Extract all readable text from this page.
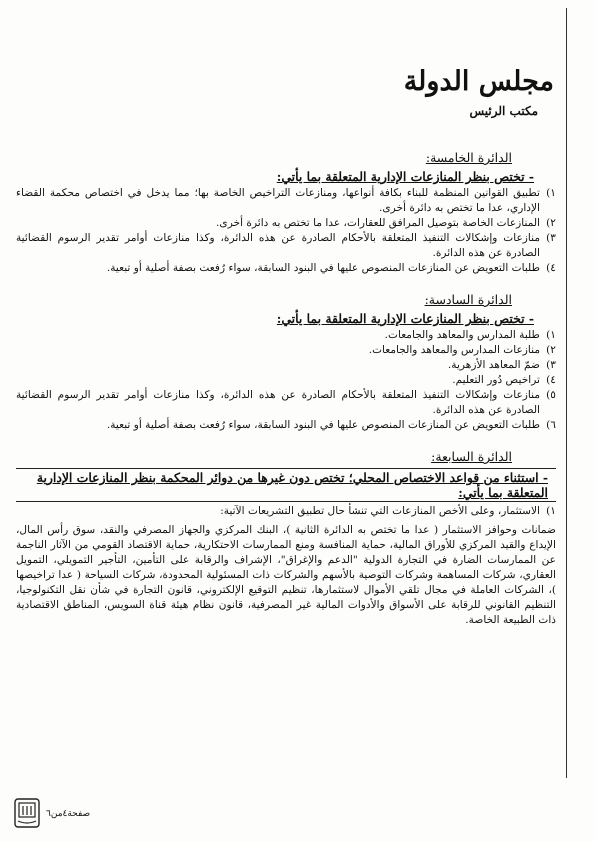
مجلس الدولة
مكتب الرئيس
الدائرة الخامسة:
- تختص بنظر المنازعات الإدارية المتعلقة بما يأتي:
١)
تطبيق القوانين المنظمة للبناء بكافة أنواعها، ومنازعات التراخيص الخاصة بها؛ مما يدخل في اختصاص محكمة القضاء الإداري، عدا ما تختص به دائرة أخرى.
٢)
المنازعات الخاصة بتوصيل المرافق للعقارات، عدا ما تختص به دائرة أخرى.
٣)
منازعات وإشكالات التنفيذ المتعلقة بالأحكام الصادرة عن هذه الدائرة، وكذا منازعات أوامر تقدير الرسوم القضائية الصادرة عن هذه الدائرة.
٤)
طلبات التعويض عن المنازعات المنصوص عليها في البنود السابقة، سواء رُفعت بصفة أصلية أو تبعية.
الدائرة السادسة:
- تختص بنظر المنازعات الإدارية المتعلقة بما يأتي:
١)
طلبة المدارس والمعاهد والجامعات.
٢)
منازعات المدارس والمعاهد والجامعات.
٣)
ضمّ المعاهد الأزهرية.
٤)
تراخيص دُور التعليم.
٥)
منازعات وإشكالات التنفيذ المتعلقة بالأحكام الصادرة عن هذه الدائرة، وكذا منازعات أوامر تقدير الرسوم القضائية الصادرة عن هذه الدائرة.
٦)
طلبات التعويض عن المنازعات المنصوص عليها في البنود السابقة، سواء رُفعت بصفة أصلية أو تبعية.
الدائرة السابعة:
- استثناء من قواعد الاختصاص المحلي؛ تختص دون غيرها من دوائر المحكمة بنظر المنازعات الإدارية المتعلقة بما يأتي:
١)
الاستثمار، وعلى الأخص المنازعات التي تنشأ حال تطبيق التشريعات الآتية:
ضمانات وحوافز الاستثمار ( عدا ما تختص به الدائرة الثانية )، البنك المركزي والجهاز المصرفي والنقد، سوق رأس المال، الإيداع والقيد المركزي للأوراق المالية، حماية المنافسة ومنع الممارسات الاحتكارية، حماية الاقتصاد القومي من الآثار الناجمة عن الممارسات الضارة في التجارة الدولية "الدعم والإغراق"، الإشراف والرقابة على التأمين، التأجير التمويلي، التمويل العقاري، شركات المساهمة وشركات التوصية بالأسهم والشركات ذات المسئولية المحدودة، شركات السياحة ( عدا تراخيصها )، الشركات العاملة في مجال تلقي الأموال لاستثمارها، تنظيم التوقيع الإلكتروني، قانون التجارة في شأن نقل التكنولوجيا، التنظيم القانوني للرقابة على الأسواق والأدوات المالية غير المصرفية، قانون نظام هيئة قناة السويس، المناطق الاقتصادية ذات الطبيعة الخاصة.
صفحة٤من٦
